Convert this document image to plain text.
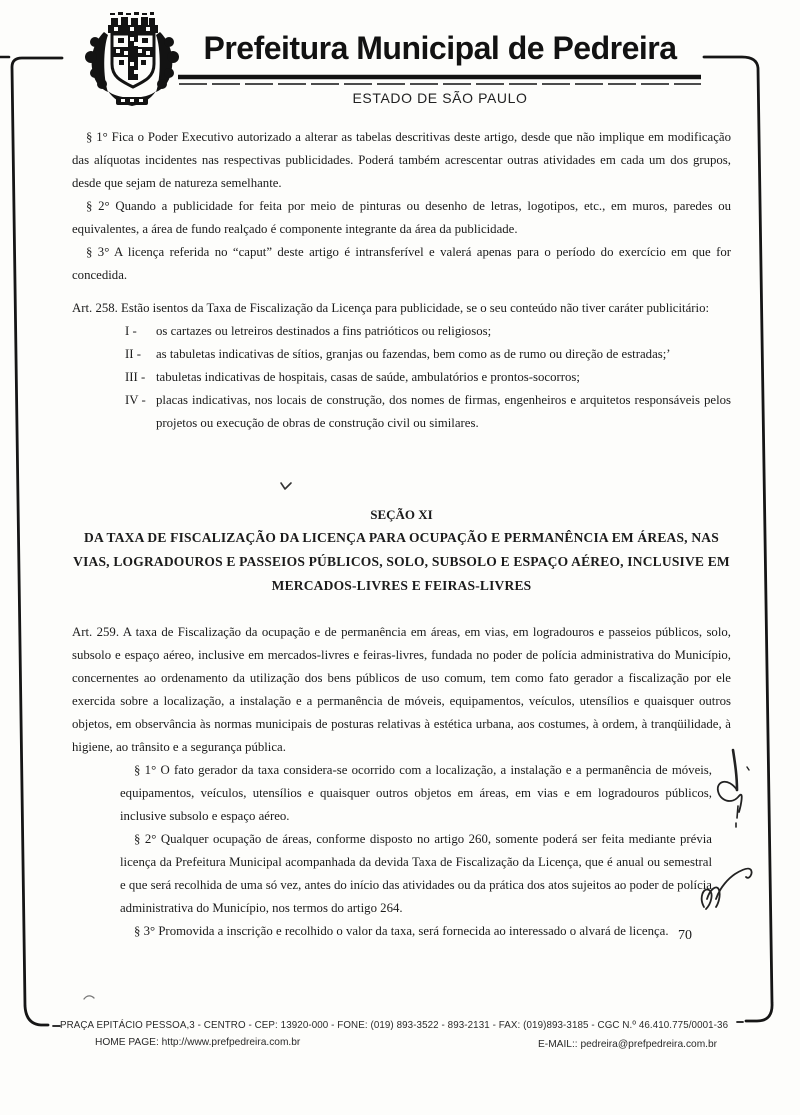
Prefeitura Municipal de Pedreira
ESTADO DE SÃO PAULO

§ 1° Fica o Poder Executivo autorizado a alterar as tabelas descritivas deste artigo, desde que não implique em modificação das alíquotas incidentes nas respectivas publicidades. Poderá também acrescentar outras atividades em cada um dos grupos, desde que sejam de natureza semelhante.

§ 2° Quando a publicidade for feita por meio de pinturas ou desenho de letras, logotipos, etc., em muros, paredes ou equivalentes, a área de fundo realçado é componente integrante da área da publicidade.

§ 3° A licença referida no “caput” deste artigo é intransferível e valerá apenas para o período do exercício em que for concedida.

Art. 258. Estão isentos da Taxa de Fiscalização da Licença para publicidade, se o seu conteúdo não tiver caráter publicitário:

I -	os cartazes ou letreiros destinados a fins patrióticos ou religiosos;
II -	as tabuletas indicativas de sítios, granjas ou fazendas, bem como as de rumo ou direção de estradas;’
III - tabuletas indicativas de hospitais, casas de saúde, ambulatórios e prontos-socorros;
IV - placas indicativas, nos locais de construção, dos nomes de firmas, engenheiros e arquitetos responsáveis pelos projetos ou execução de obras de construção civil ou similares.
SEÇÃO XI
DA TAXA DE FISCALIZAÇÃO DA LICENÇA PARA OCUPAÇÃO E PERMANÊNCIA EM ÁREAS, NAS
VIAS, LOGRADOUROS E PASSEIOS PÚBLICOS, SOLO, SUBSOLO E ESPAÇO AÉREO, INCLUSIVE EM
MERCADOS-LIVRES E FEIRAS-LIVRES

Art. 259. A taxa de Fiscalização da ocupação e de permanência em áreas, em vias, em logradouros e passeios públicos, solo, subsolo e espaço aéreo, inclusive em mercados-livres e feiras-livres, fundada no poder de polícia administrativa do Município, concernentes ao ordenamento da utilização dos bens públicos de uso comum, tem como fato gerador a fiscalização por ele exercida sobre a localização, a instalação e a permanência de móveis, equipamentos, veículos, utensílios e quaisquer outros objetos, em observância às normas municipais de posturas relativas à estética urbana, aos costumes, à ordem, à tranqüilidade, à higiene, ao trânsito e a segurança pública.

§ 1° O fato gerador da taxa considera-se ocorrido com a localização, a instalação e a permanência de móveis, equipamentos, veículos, utensílios e quaisquer outros objetos em áreas, em vias e em logradouros públicos, inclusive subsolo e espaço aéreo.

§ 2° Qualquer ocupação de áreas, conforme disposto no artigo 260, somente poderá ser feita mediante prévia licença da Prefeitura Municipal acompanhada da devida Taxa de Fiscalização da Licença, que é anual ou semestral e que será recolhida de uma só vez, antes do início das atividades ou da prática dos atos sujeitos ao poder de polícia administrativa do Município, nos termos do artigo 264.

§ 3° Promovida a inscrição e recolhido o valor da taxa, será fornecida ao interessado o alvará de licença. 70
PRAÇA EPITÁCIO PESSOA,3 - CENTRO - CEP: 13920-000 - FONE: (019) 893-3522 - 893-2131 - FAX: (019)893-3185 - CGC N.º 46.410.775/0001-36
HOME PAGE: http://www.prefpedreira.com.br	E-MAIL:: pedreira@prefpedreira.com.br
